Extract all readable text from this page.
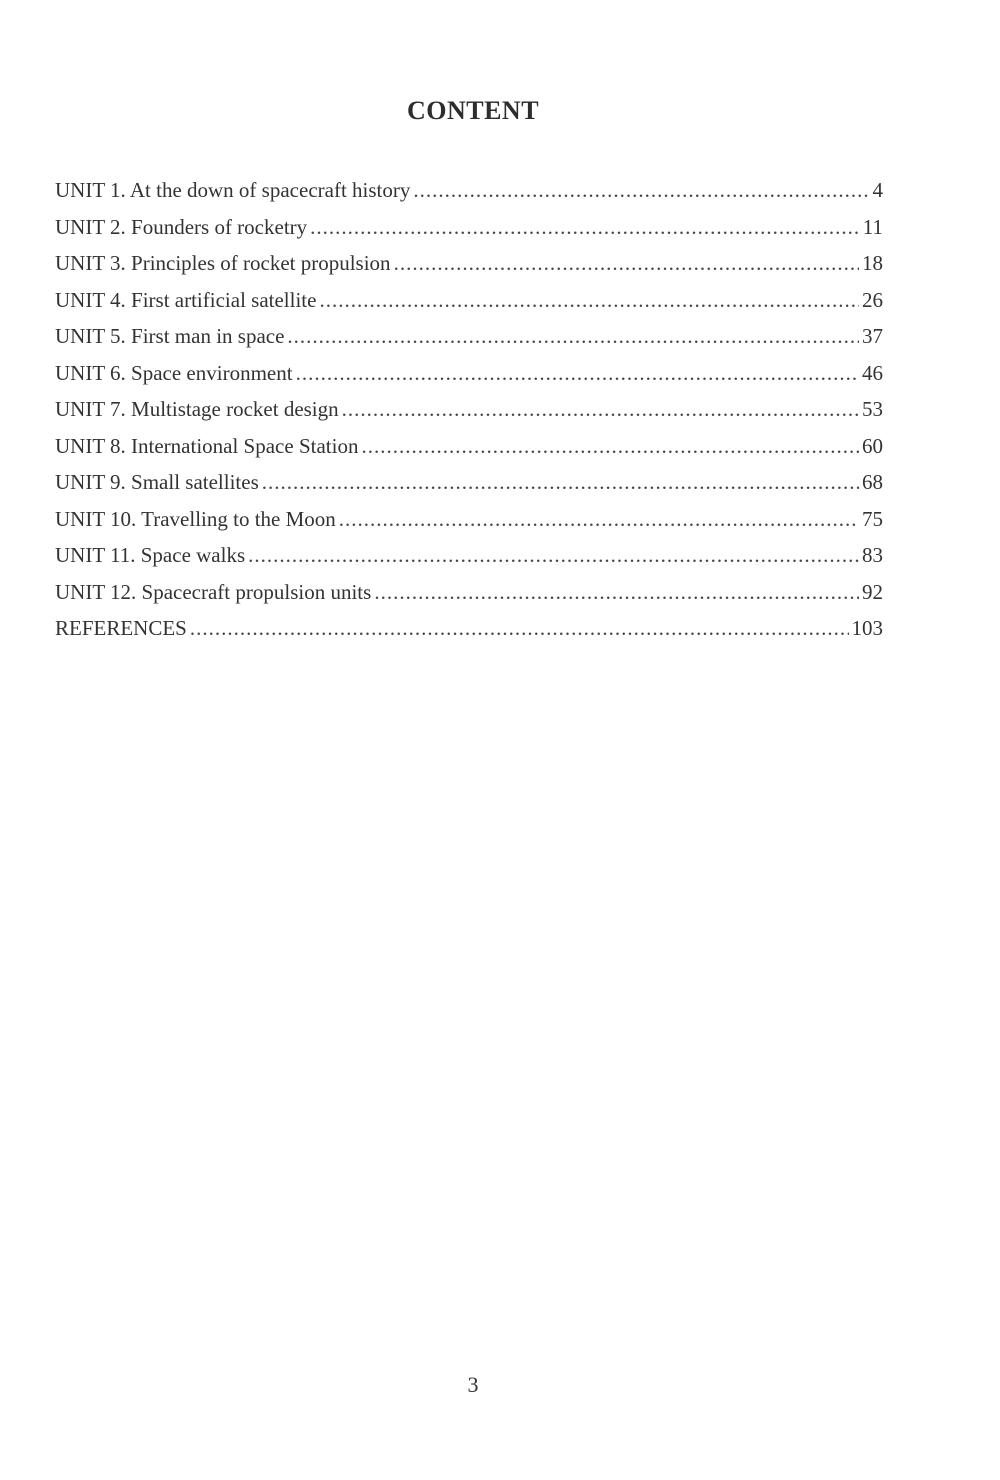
CONTENT
UNIT 1. At the down of spacecraft history .....	4
UNIT 2. Founders of rocketry .....	11
UNIT 3. Principles of rocket propulsion .....	18
UNIT 4. First artificial satellite .....	26
UNIT 5. First man in space .....	37
UNIT 6. Space environment .....	46
UNIT 7. Multistage rocket design .....	53
UNIT 8. International Space Station .....	60
UNIT 9. Small satellites .....	68
UNIT 10. Travelling to the Moon .....	75
UNIT 11. Space walks .....	83
UNIT 12. Spacecraft propulsion units .....	92
REFERENCES .....	103
3
